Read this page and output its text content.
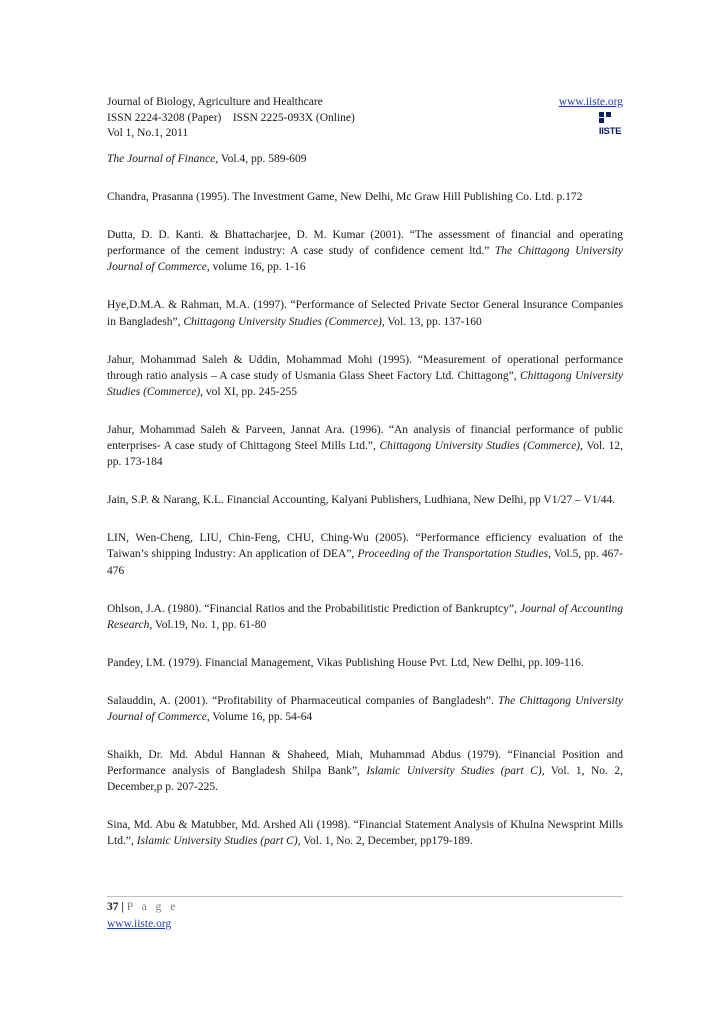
Journal of Biology, Agriculture and Healthcare
ISSN 2224-3208 (Paper)    ISSN 2225-093X (Online)
Vol 1, No.1, 2011
www.iiste.org
IISTE
The Journal of Finance, Vol.4, pp. 589-609
Chandra, Prasanna (1995). The Investment Game, New Delhi, Mc Graw Hill Publishing Co. Ltd. p.172
Dutta, D. D. Kanti. & Bhattacharjee, D. M. Kumar (2001). “The assessment of financial and operating performance of the cement industry: A case study of confidence cement ltd.” The Chittagong University Journal of Commerce, volume 16, pp. 1-16
Hye,D.M.A. & Rahman, M.A. (1997). “Performance of Selected Private Sector General Insurance Companies in Bangladesh”, Chittagong University Studies (Commerce), Vol. 13, pp. 137-160
Jahur, Mohammad Saleh & Uddin, Mohammad Mohi (1995). “Measurement of operational performance through ratio analysis – A case study of Usmania Glass Sheet Factory Ltd. Chittagong”, Chittagong University Studies (Commerce), vol XI, pp. 245-255
Jahur, Mohammad Saleh & Parveen, Jannat Ara. (1996). “An analysis of financial performance of public enterprises- A case study of Chittagong Steel Mills Ltd.”, Chittagong University Studies (Commerce), Vol. 12, pp. 173-184
Jain, S.P. & Narang, K.L. Financial Accounting, Kalyani Publishers, Ludhiana, New Delhi, pp V1/27 – V1/44.
LIN, Wen-Cheng, LIU, Chin-Feng, CHU, Ching-Wu (2005). “Performance efficiency evaluation of the Taiwan’s shipping Industry: An application of DEA”, Proceeding of the Transportation Studies, Vol.5, pp. 467-476
Ohlson, J.A. (1980). “Financial Ratios and the Probabilitistic Prediction of Bankruptcy”, Journal of Accounting Research, Vol.19, No. 1, pp. 61-80
Pandey, I.M. (1979). Financial Management, Vikas Publishing House Pvt. Ltd, New Delhi, pp. l09-116.
Salauddin, A. (2001). “Profitability of Pharmaceutical companies of Bangladesh”. The Chittagong University Journal of Commerce, Volume 16, pp. 54-64
Shaikh, Dr. Md. Abdul Hannan & Shaheed, Miah, Muhammad Abdus (1979). “Financial Position and Performance analysis of Bangladesh Shilpa Bank”, Islamic University Studies (part C), Vol. 1, No. 2, December,p p. 207-225.
Sina, Md. Abu & Matubber, Md. Arshed Ali (1998). “Financial Statement Analysis of Khulna Newsprint Mills Ltd.”, Islamic University Studies (part C), Vol. 1, No. 2, December, pp179-189.
37 | P a g e
www.iiste.org
